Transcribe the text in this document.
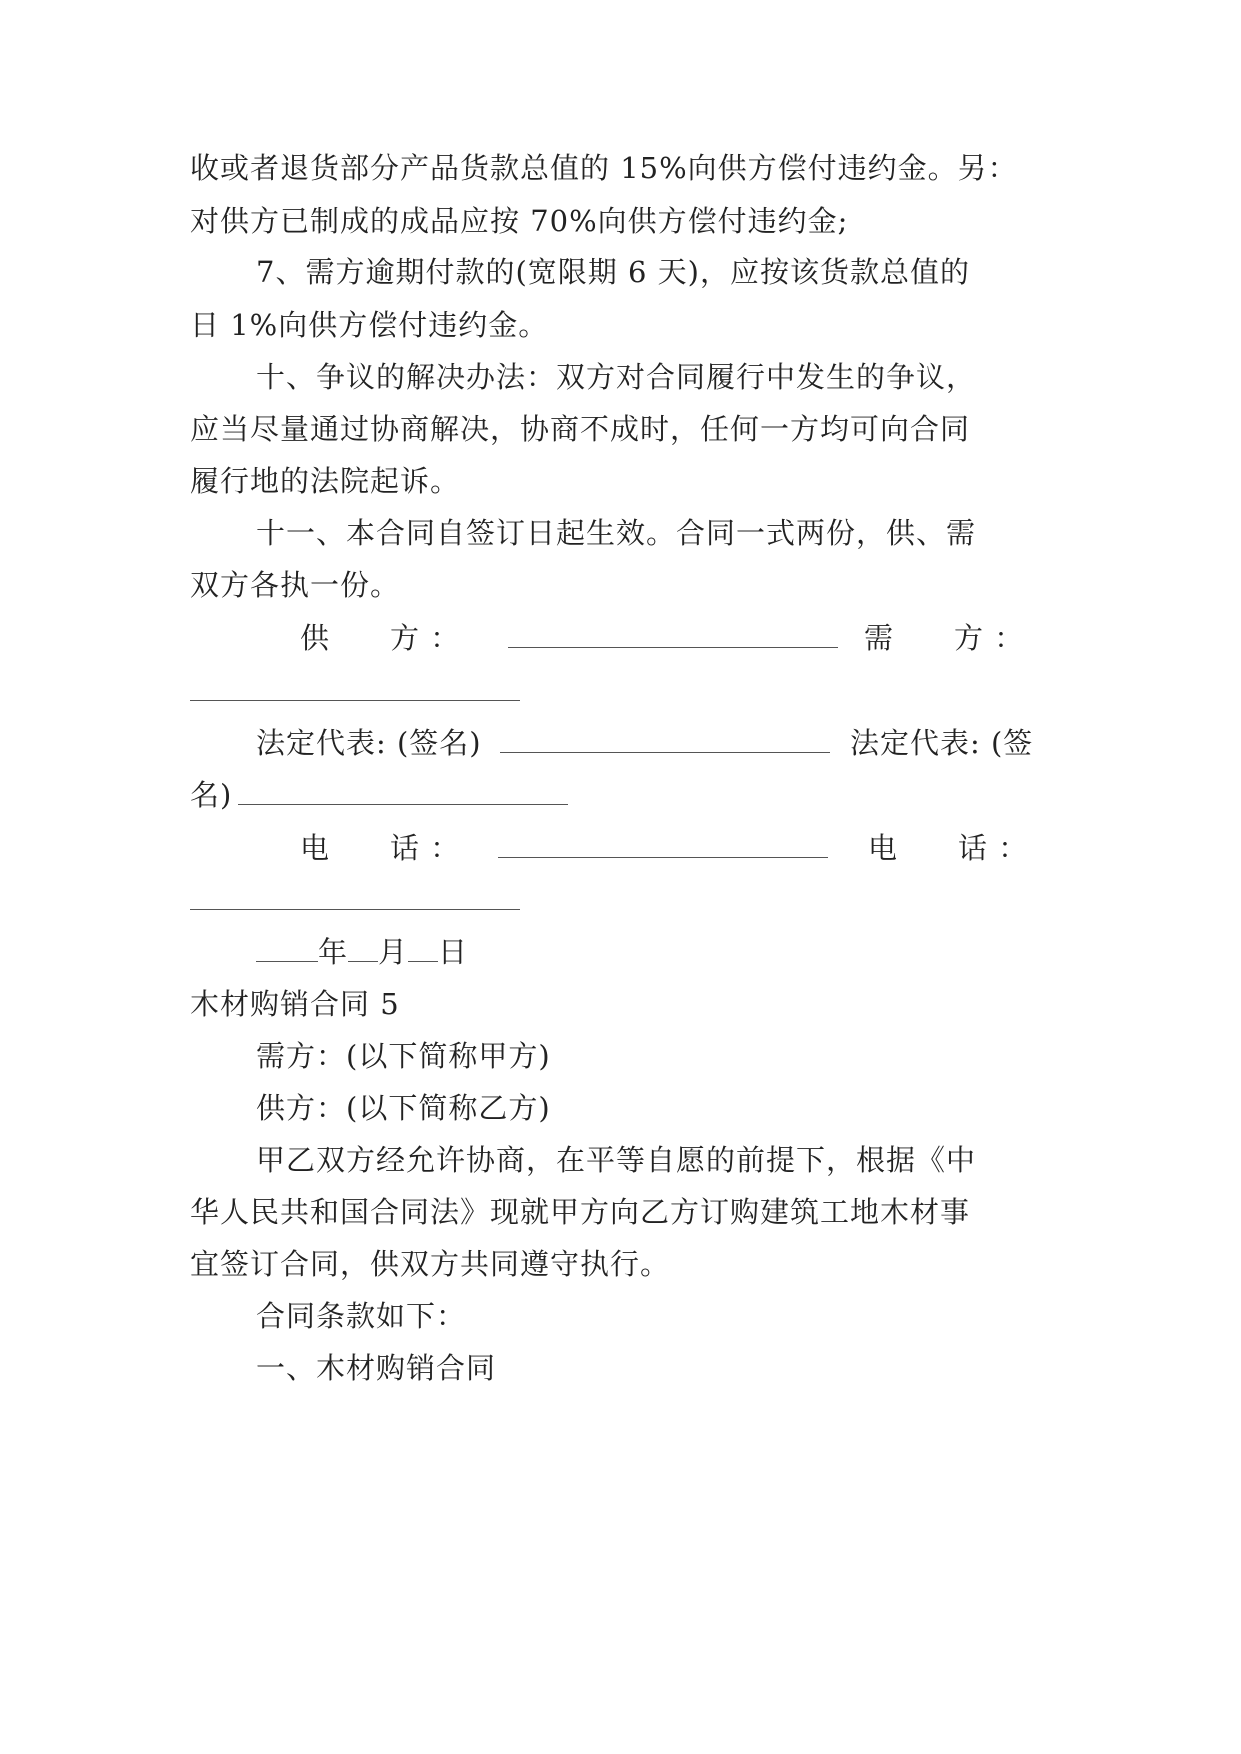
收或者退货部分产品货款总值的 15%向供方偿付违约金。另：
对供方已制成的成品应按 70%向供方偿付违约金;
7、需方逾期付款的(宽限期 6 天)，应按该货款总值的
日 1%向供方偿付违约金。
十、争议的解决办法：双方对合同履行中发生的争议，
应当尽量通过协商解决，协商不成时，任何一方均可向合同
履行地的法院起诉。
十一、本合同自签订日起生效。合同一式两份，供、需
双方各执一份。
供　　方 ：	需　　方 ：
法定代表: (签名)	法定代表: (签
名)
电　　话 ：	电　　话 ：
年 月 日
木材购销合同 5
需方：(以下简称甲方)
供方：(以下简称乙方)
甲乙双方经允许协商，在平等自愿的前提下，根据《中
华人民共和国合同法》现就甲方向乙方订购建筑工地木材事
宜签订合同，供双方共同遵守执行。
合同条款如下：
一、木材购销合同
